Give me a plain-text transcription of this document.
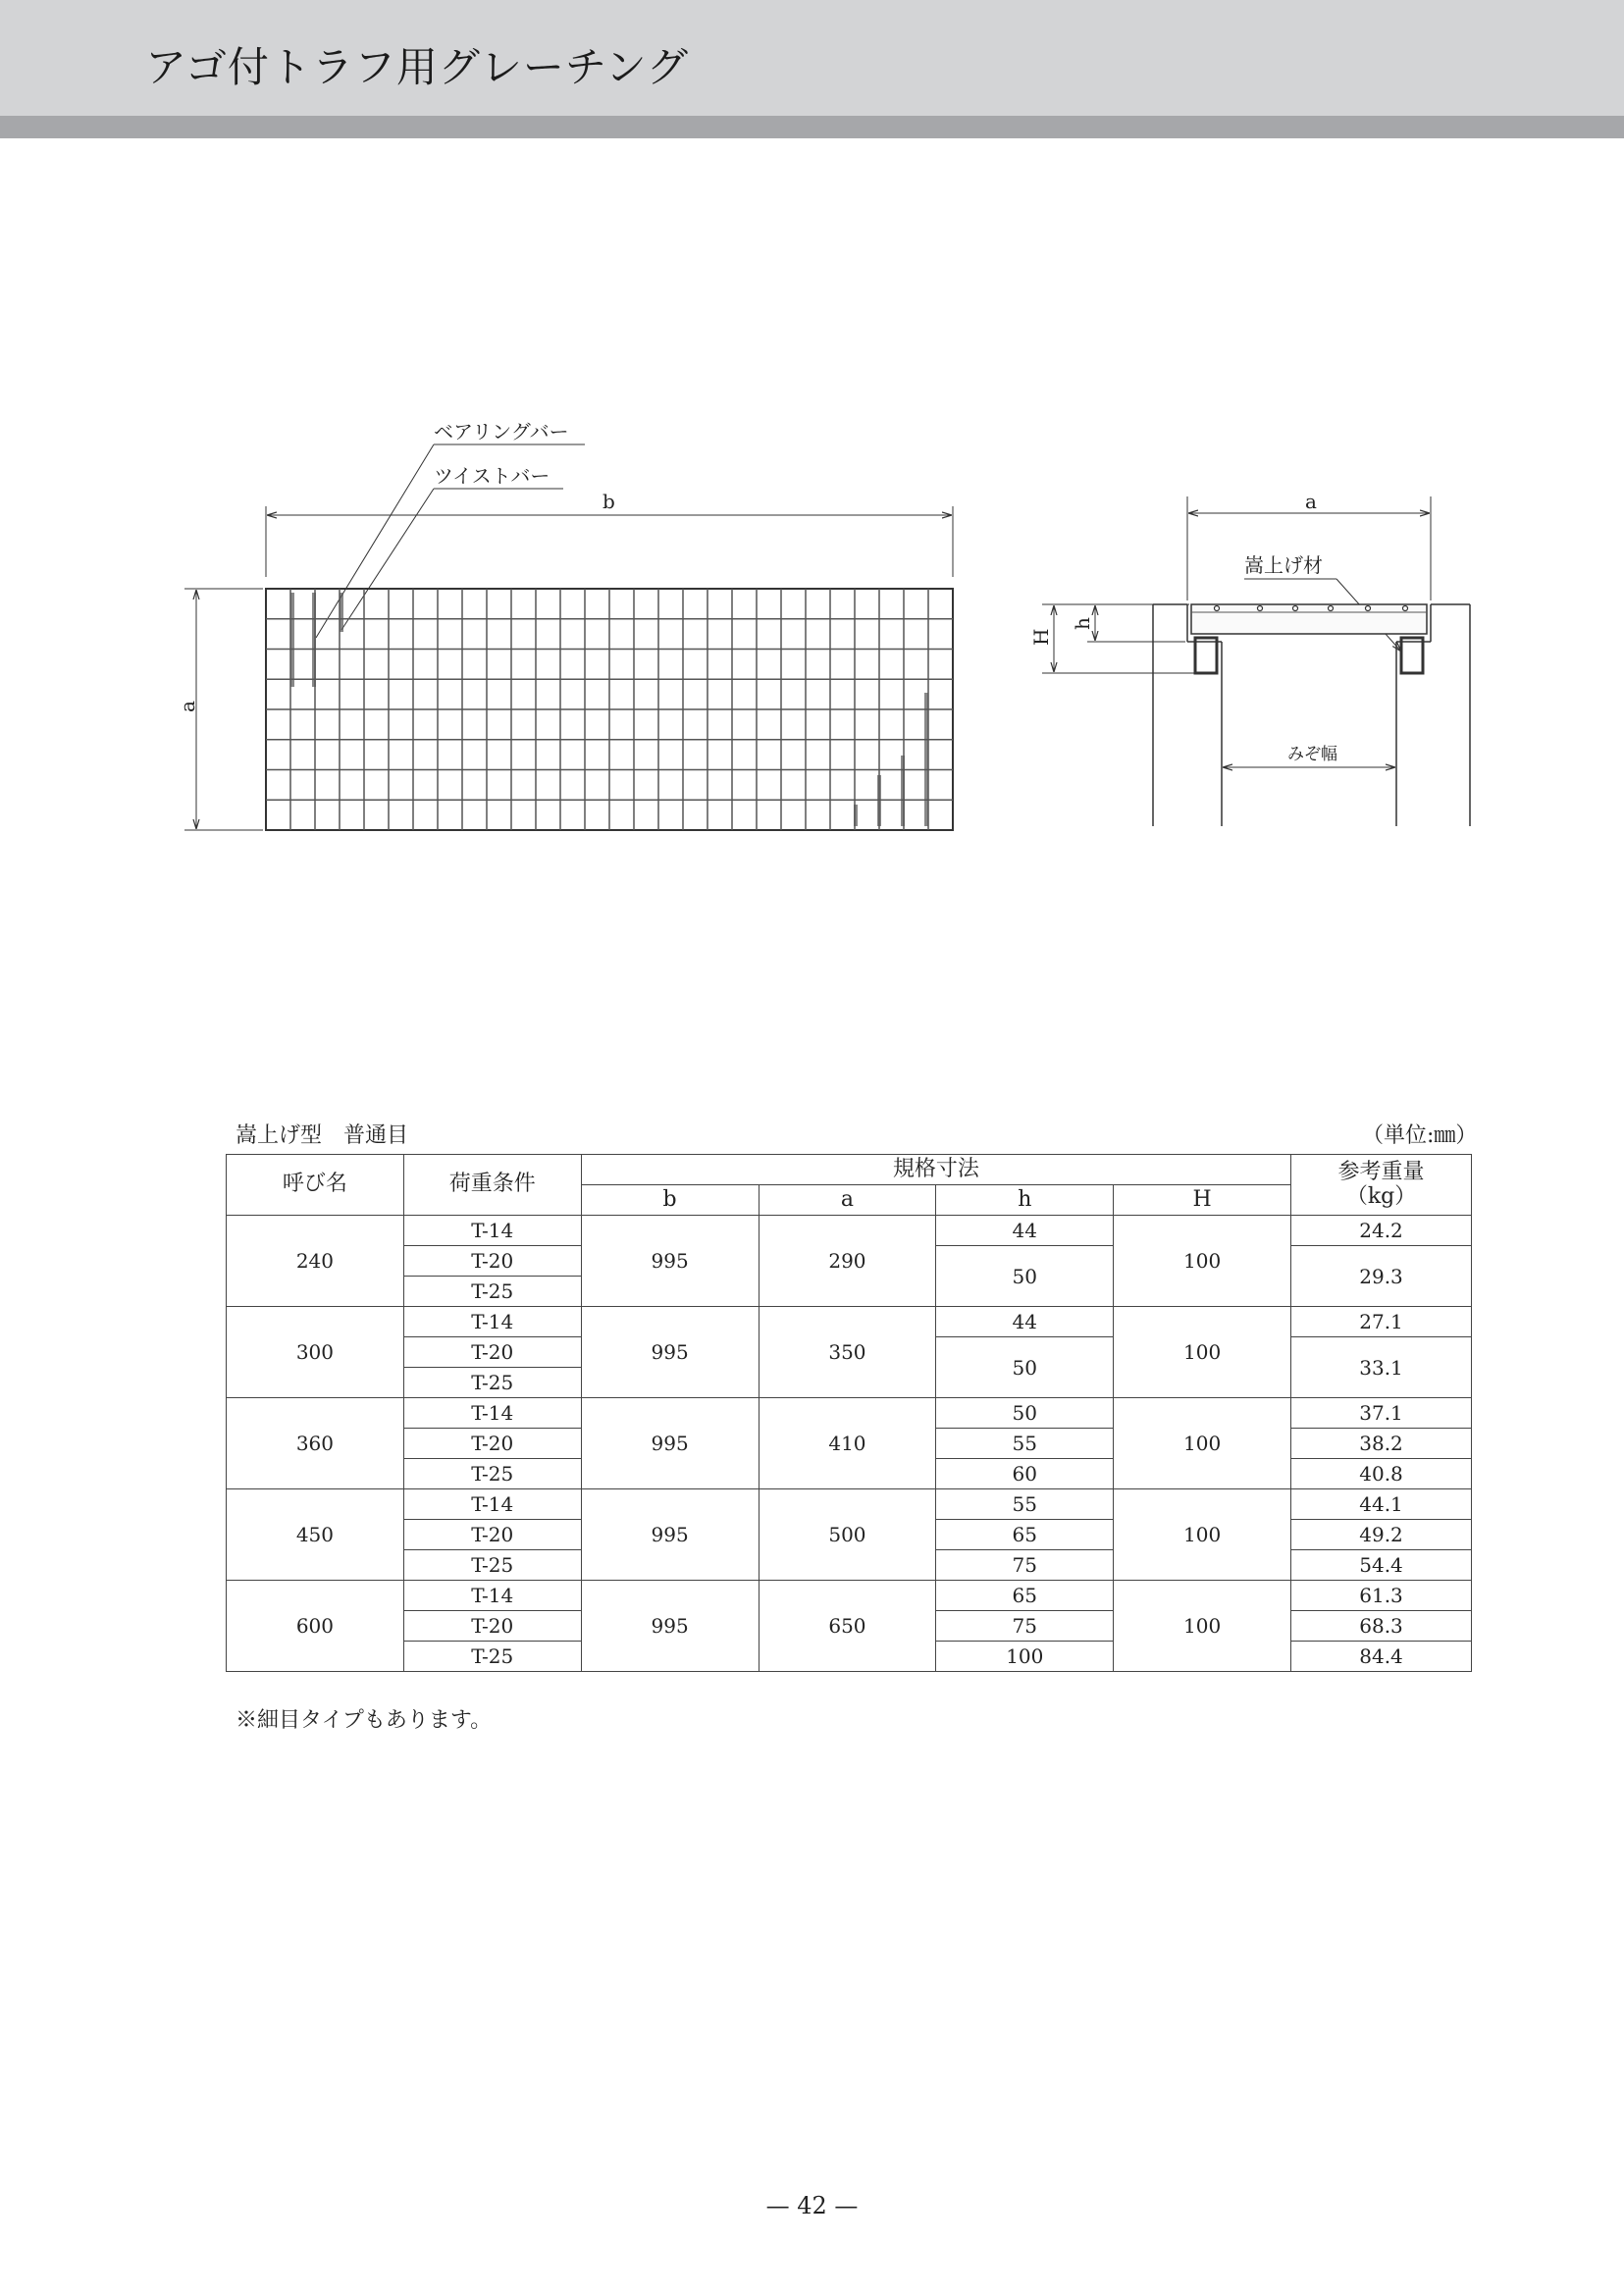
アゴ付トラフ用グレーチング
ベアリングバー
ツイストバー
b
a
a
嵩上げ材
H
h
みぞ幅
嵩上げ型　普通目	（単位:㎜）
呼び名	荷重条件	規格寸法				参考重量
（kg）
		b	a	h	H	
240	T-14	995	290	44	100	24.2
	T-20			50		29.3
	T-25					
300	T-14	995	350	44	100	27.1
	T-20			50		33.1
	T-25					
360	T-14	995	410	50	100	37.1
	T-20			55		38.2
	T-25			60		40.8
450	T-14	995	500	55	100	44.1
	T-20			65		49.2
	T-25			75		54.4
600	T-14	995	650	65	100	61.3
	T-20			75		68.3
	T-25			100		84.4
※細目タイプもあります。
— 42 —
